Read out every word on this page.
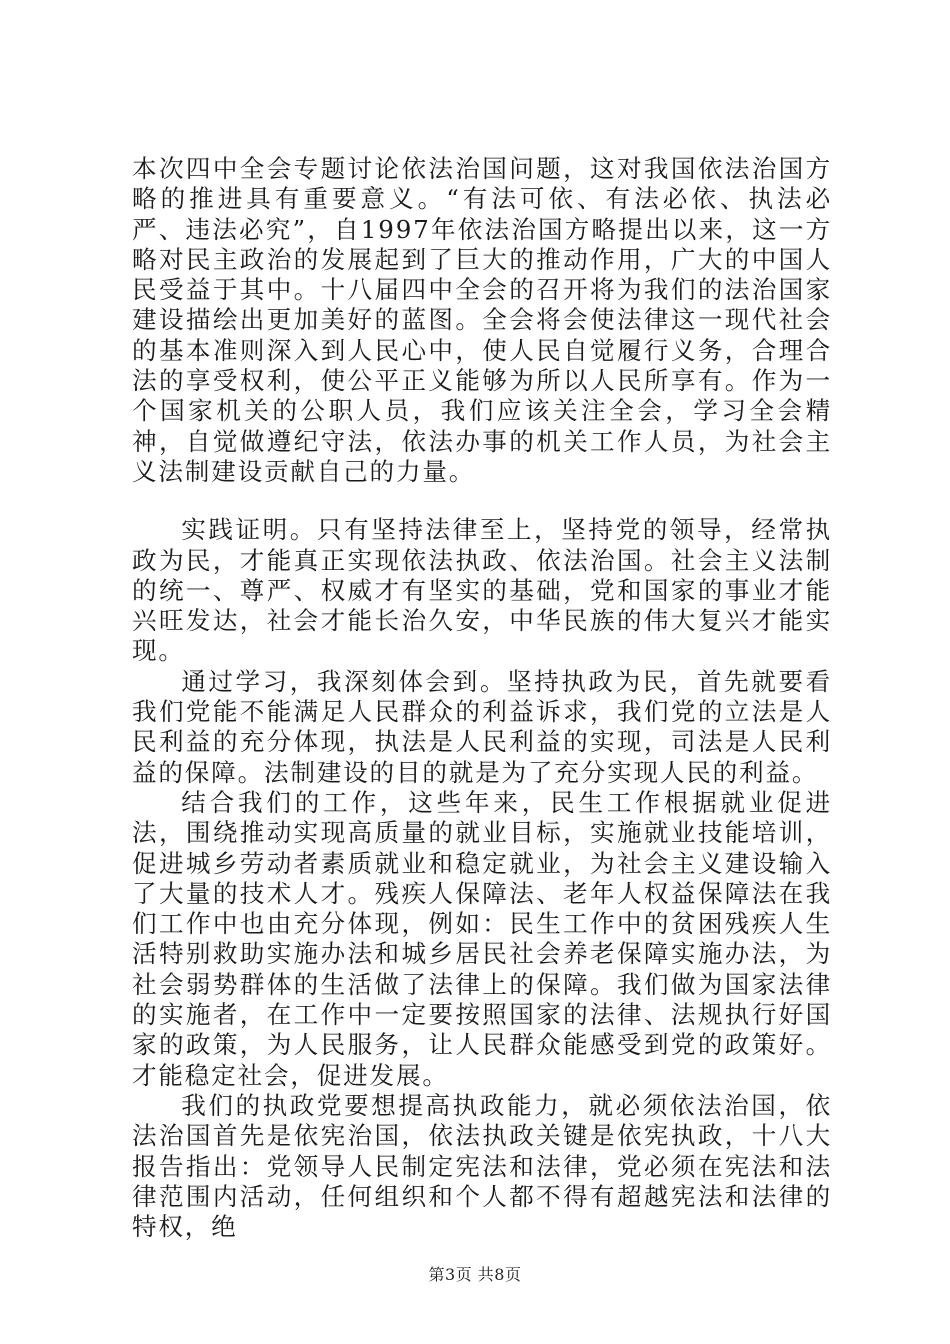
本次四中全会专题讨论依法治国问题，这对我国依法治国方略的推进具有重要意义。“有法可依、有法必依、执法必严、违法必究”，自1997年依法治国方略提出以来，这一方略对民主政治的发展起到了巨大的推动作用，广大的中国人民受益于其中。十八届四中全会的召开将为我们的法治国家建设描绘出更加美好的蓝图。全会将会使法律这一现代社会的基本准则深入到人民心中，使人民自觉履行义务，合理合法的享受权利，使公平正义能够为所以人民所享有。作为一个国家机关的公职人员，我们应该关注全会，学习全会精神，自觉做遵纪守法，依法办事的机关工作人员，为社会主义法制建设贡献自己的力量。

实践证明。只有坚持法律至上，坚持党的领导，经常执政为民，才能真正实现依法执政、依法治国。社会主义法制的统一、尊严、权威才有坚实的基础，党和国家的事业才能兴旺发达，社会才能长治久安，中华民族的伟大复兴才能实现。

通过学习，我深刻体会到。坚持执政为民，首先就要看我们党能不能满足人民群众的利益诉求，我们党的立法是人民利益的充分体现，执法是人民利益的实现，司法是人民利益的保障。法制建设的目的就是为了充分实现人民的利益。

结合我们的工作，这些年来，民生工作根据就业促进法，围绕推动实现高质量的就业目标，实施就业技能培训，促进城乡劳动者素质就业和稳定就业，为社会主义建设输入了大量的技术人才。残疾人保障法、老年人权益保障法在我们工作中也由充分体现，例如：民生工作中的贫困残疾人生活特别救助实施办法和城乡居民社会养老保障实施办法，为社会弱势群体的生活做了法律上的保障。我们做为国家法律的实施者，在工作中一定要按照国家的法律、法规执行好国家的政策，为人民服务，让人民群众能感受到党的政策好。才能稳定社会，促进发展。

我们的执政党要想提高执政能力，就必须依法治国，依法治国首先是依宪治国，依法执政关键是依宪执政，十八大报告指出：党领导人民制定宪法和法律，党必须在宪法和法律范围内活动，任何组织和个人都不得有超越宪法和法律的特权，绝

第3页 共8页
